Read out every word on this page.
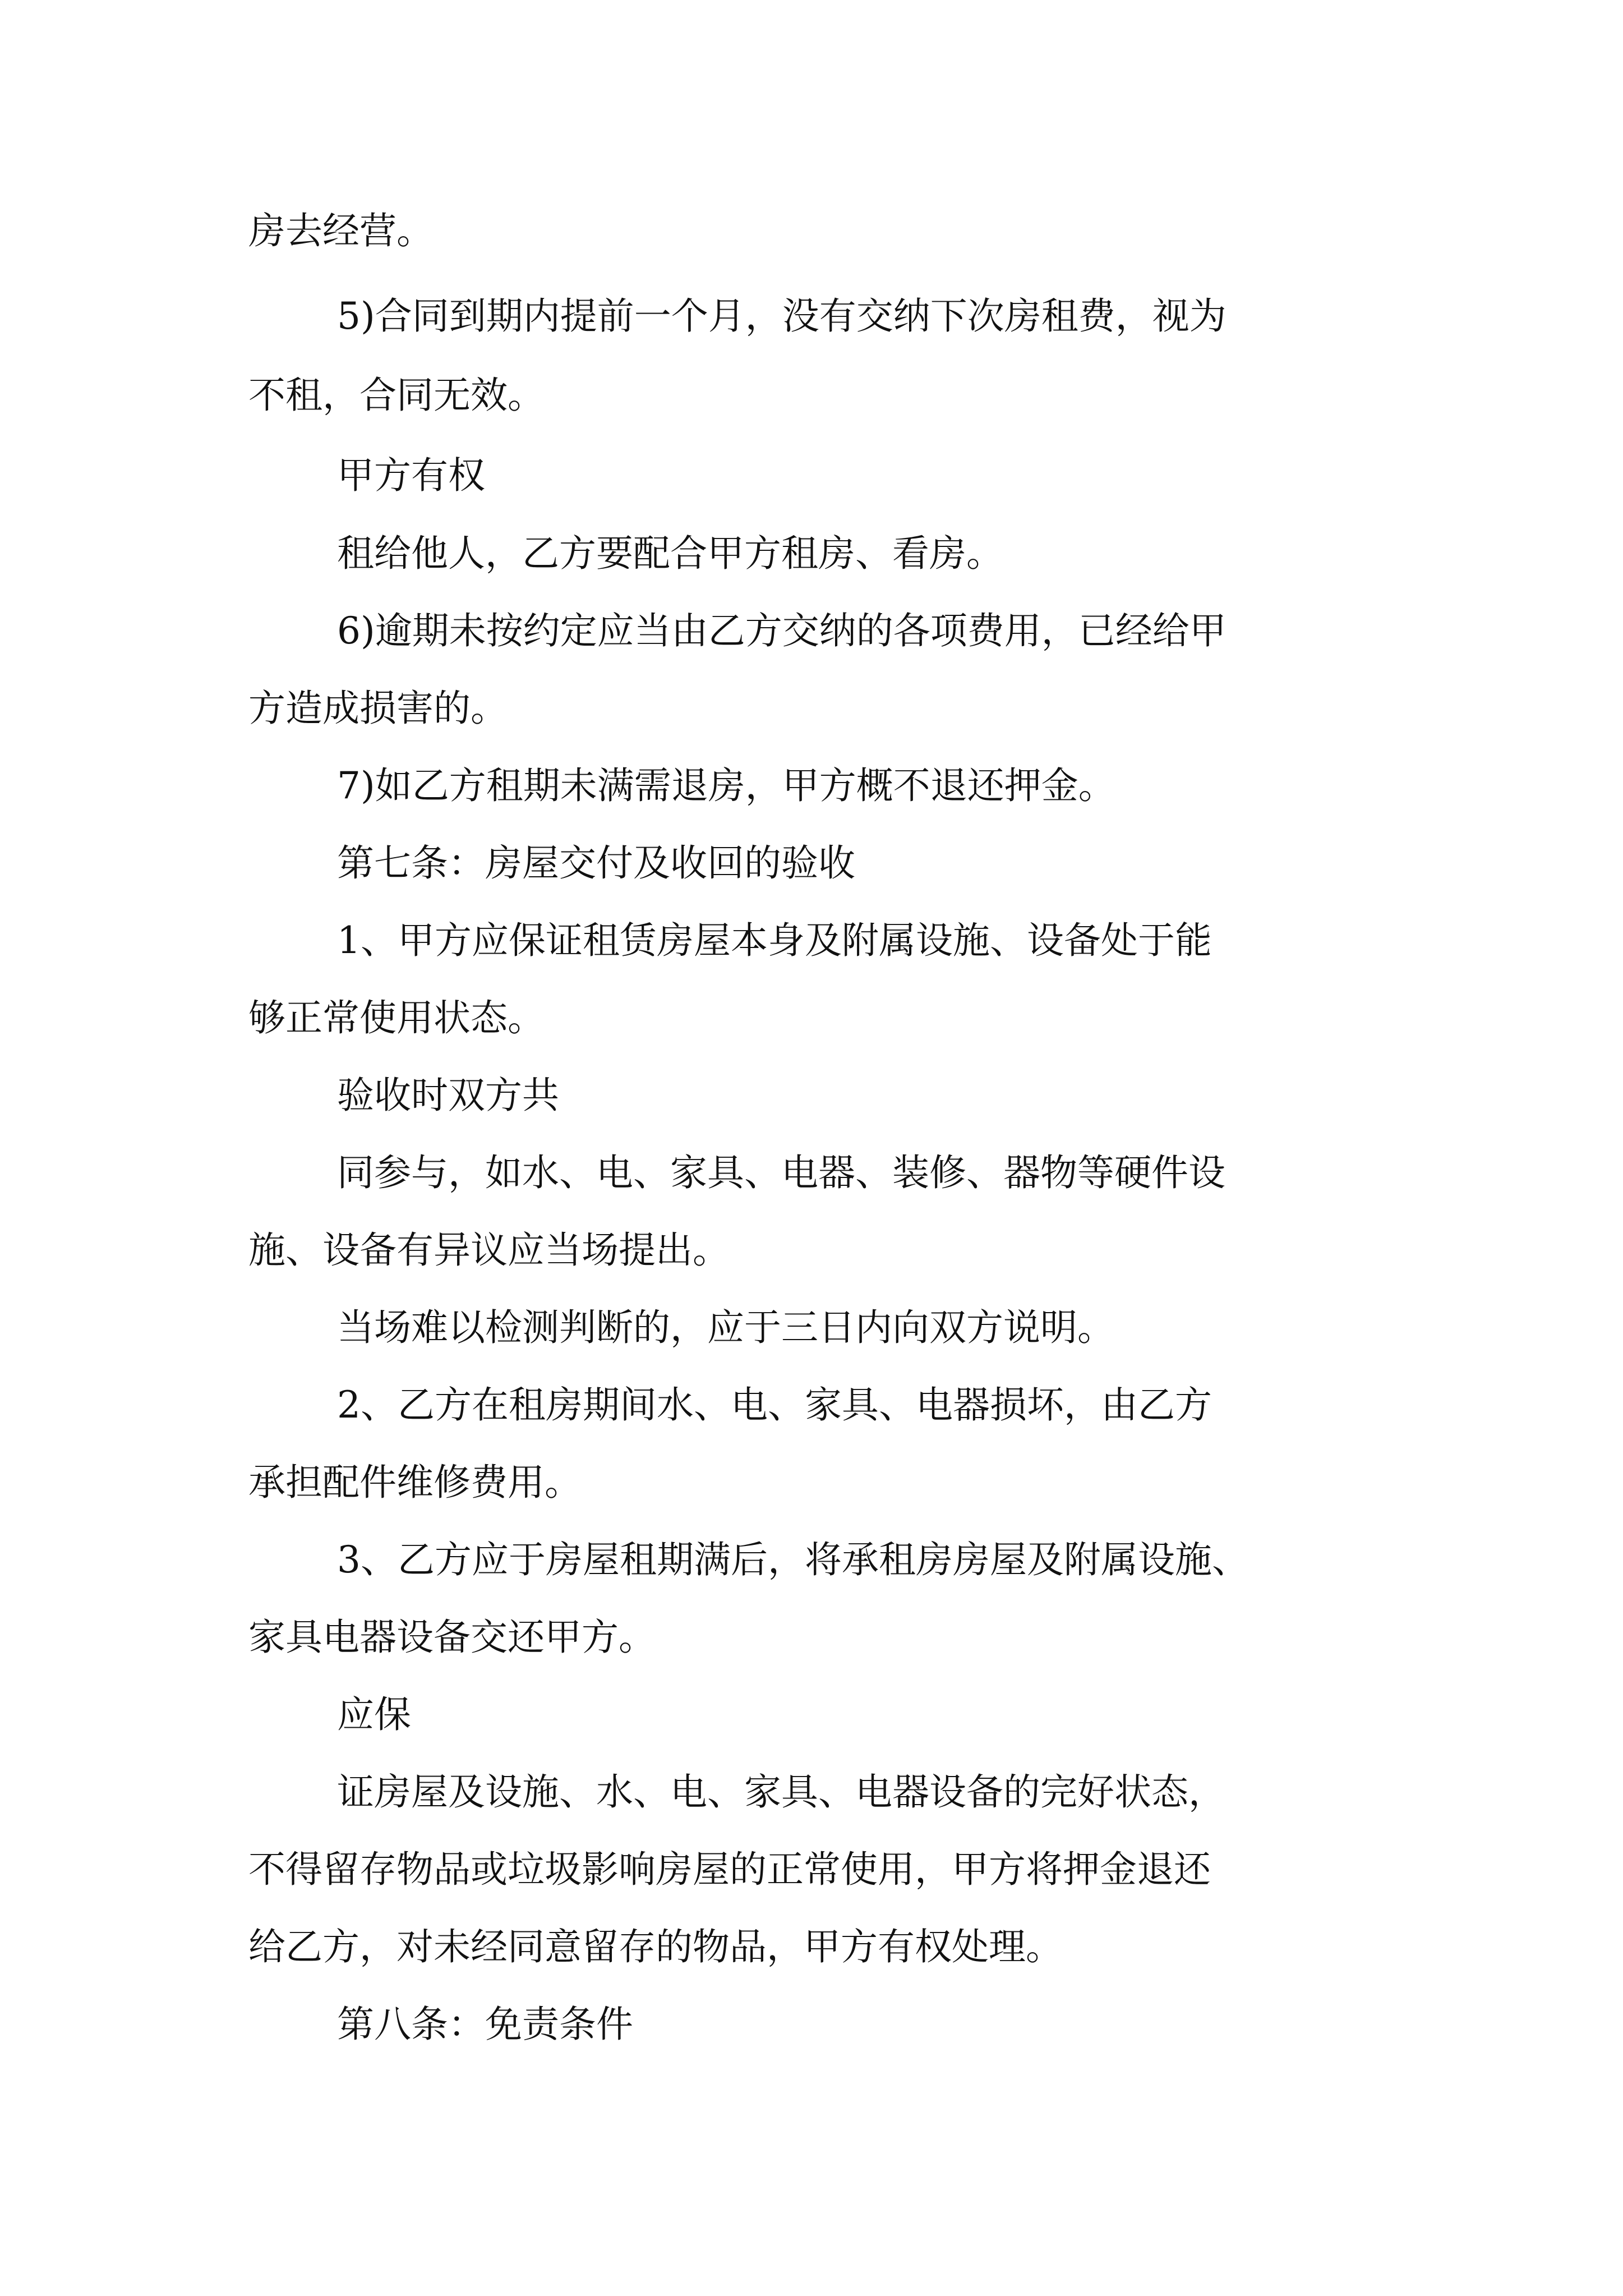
房去经营。

5)合同到期内提前一个月，没有交纳下次房租费，视为

不租，合同无效。

甲方有权

租给他人，乙方要配合甲方租房、看房。

6)逾期未按约定应当由乙方交纳的各项费用，已经给甲

方造成损害的。

7)如乙方租期未满需退房，甲方概不退还押金。

第七条：房屋交付及收回的验收

1、甲方应保证租赁房屋本身及附属设施、设备处于能

够正常使用状态。

验收时双方共

同参与，如水、电、家具、电器、装修、器物等硬件设

施、设备有异议应当场提出。

当场难以检测判断的，应于三日内向双方说明。

2、乙方在租房期间水、电、家具、电器损坏，由乙方

承担配件维修费用。

3、乙方应于房屋租期满后，将承租房房屋及附属设施、

家具电器设备交还甲方。

应保

证房屋及设施、水、电、家具、电器设备的完好状态，

不得留存物品或垃圾影响房屋的正常使用，甲方将押金退还

给乙方，对未经同意留存的物品，甲方有权处理。

第八条：免责条件
